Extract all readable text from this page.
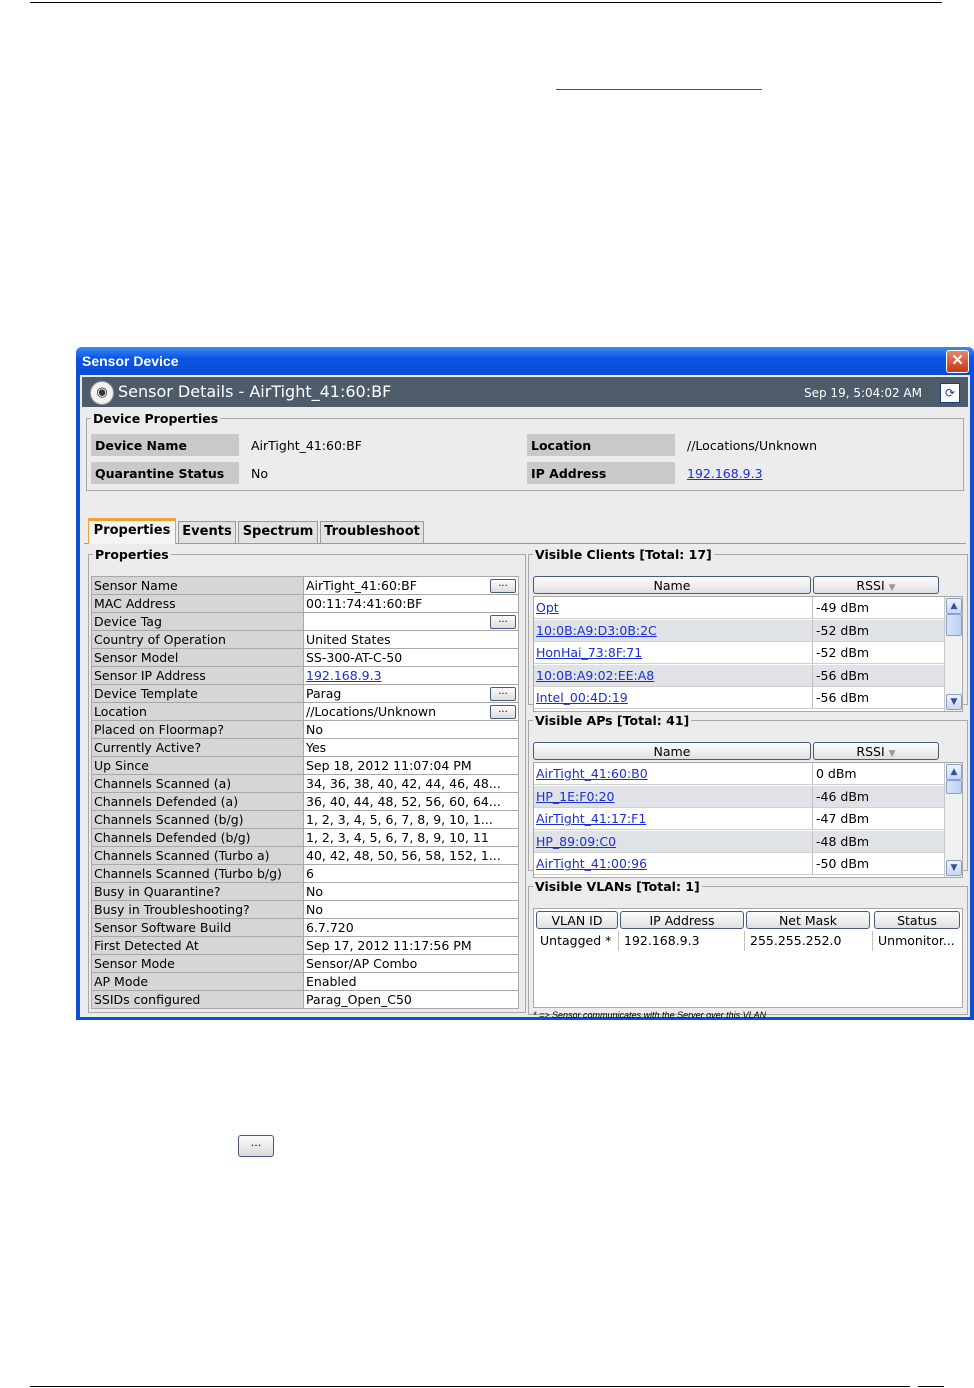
Sensor Device	✕
◉ Sensor Details - AirTight_41:60:BF	Sep 19, 5:04:02 AM	⟳
Device Properties
Device Name	AirTight_41:60:BF
Quarantine Status	No
Location	//Locations/Unknown
IP Address	192.168.9.3
Properties Events Spectrum Troubleshoot
Properties
Sensor Name	AirTight_41:60:BF ...

MAC Address	00:11:74:41:60:BF
Device Tag	...

Country of Operation	United States
Sensor Model	SS-300-AT-C-50
Sensor IP Address	192.168.9.3
Device Template	Parag ...

Location	//Locations/Unknown ...

Placed on Floormap?	No
Currently Active?	Yes
Up Since	Sep 18, 2012 11:07:04 PM
Channels Scanned (a)	34, 36, 38, 40, 42, 44, 46, 48...
Channels Defended (a)	36, 40, 44, 48, 52, 56, 60, 64...
Channels Scanned (b/g)	1, 2, 3, 4, 5, 6, 7, 8, 9, 10, 1...
Channels Defended (b/g)	1, 2, 3, 4, 5, 6, 7, 8, 9, 10, 11
Channels Scanned (Turbo a)	40, 42, 48, 50, 56, 58, 152, 1...
Channels Scanned (Turbo b/g)	6
Busy in Quarantine?	No
Busy in Troubleshooting?	No
Sensor Software Build	6.7.720
First Detected At	Sep 17, 2012 11:17:56 PM
Sensor Mode	Sensor/AP Combo
AP Mode	Enabled
SSIDs configured	Parag_Open_C50
Visible Clients [Total: 17]
Name	RSSI ▼
Opt	-49 dBm
10:0B:A9:D3:0B:2C	-52 dBm
HonHai_73:8F:71	-52 dBm
10:0B:A9:02:EE:A8	-56 dBm
Intel_00:4D:19	-56 dBm
▲
▼
Visible APs [Total: 41]
Name	RSSI ▼
AirTight_41:60:B0	0 dBm
HP_1E:F0:20	-46 dBm
AirTight_41:17:F1	-47 dBm
HP_89:09:C0	-48 dBm
AirTight_41:00:96	-50 dBm
▲
▼
Visible VLANs [Total: 1]
VLAN ID	IP Address	Net Mask	Status
Untagged * 192.168.9.3	255.255.252.0	Unmonitor...
* => Sensor communicates with the Server over this VLAN
...
